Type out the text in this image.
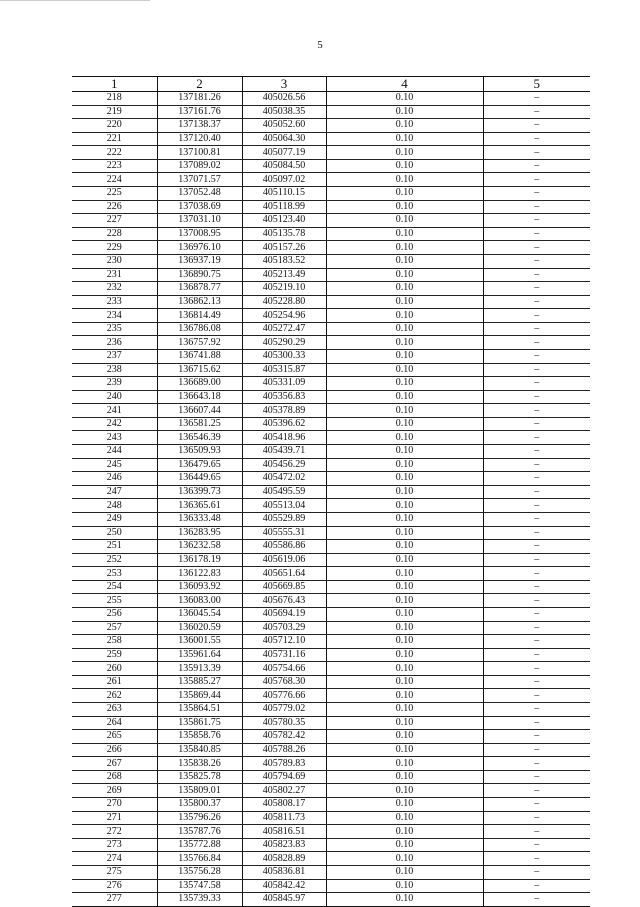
5
1	2	3	4	5
218	137181.26	405026.56	0.10	–
219	137161.76	405038.35	0.10	–
220	137138.37	405052.60	0.10	–
221	137120.40	405064.30	0.10	–
222	137100.81	405077.19	0.10	–
223	137089.02	405084.50	0.10	–
224	137071.57	405097.02	0.10	–
225	137052.48	405110.15	0.10	–
226	137038.69	405118.99	0.10	–
227	137031.10	405123.40	0.10	–
228	137008.95	405135.78	0.10	–
229	136976.10	405157.26	0.10	–
230	136937.19	405183.52	0.10	–
231	136890.75	405213.49	0.10	–
232	136878.77	405219.10	0.10	–
233	136862.13	405228.80	0.10	–
234	136814.49	405254.96	0.10	–
235	136786.08	405272.47	0.10	–
236	136757.92	405290.29	0.10	–
237	136741.88	405300.33	0.10	–
238	136715.62	405315.87	0.10	–
239	136689.00	405331.09	0.10	–
240	136643.18	405356.83	0.10	–
241	136607.44	405378.89	0.10	–
242	136581.25	405396.62	0.10	–
243	136546.39	405418.96	0.10	–
244	136509.93	405439.71	0.10	–
245	136479.65	405456.29	0.10	–
246	136449.65	405472.02	0.10	–
247	136399.73	405495.59	0.10	–
248	136365.61	405513.04	0.10	–
249	136333.48	405529.89	0.10	–
250	136283.95	405555.31	0.10	–
251	136232.58	405586.86	0.10	–
252	136178.19	405619.06	0.10	–
253	136122.83	405651.64	0.10	–
254	136093.92	405669.85	0.10	–
255	136083.00	405676.43	0.10	–
256	136045.54	405694.19	0.10	–
257	136020.59	405703.29	0.10	–
258	136001.55	405712.10	0.10	–
259	135961.64	405731.16	0.10	–
260	135913.39	405754.66	0.10	–
261	135885.27	405768.30	0.10	–
262	135869.44	405776.66	0.10	–
263	135864.51	405779.02	0.10	–
264	135861.75	405780.35	0.10	–
265	135858.76	405782.42	0.10	–
266	135840.85	405788.26	0.10	–
267	135838.26	405789.83	0.10	–
268	135825.78	405794.69	0.10	–
269	135809.01	405802.27	0.10	–
270	135800.37	405808.17	0.10	–
271	135796.26	405811.73	0.10	–
272	135787.76	405816.51	0.10	–
273	135772.88	405823.83	0.10	–
274	135766.84	405828.89	0.10	–
275	135756.28	405836.81	0.10	–
276	135747.58	405842.42	0.10	–
277	135739.33	405845.97	0.10	–
